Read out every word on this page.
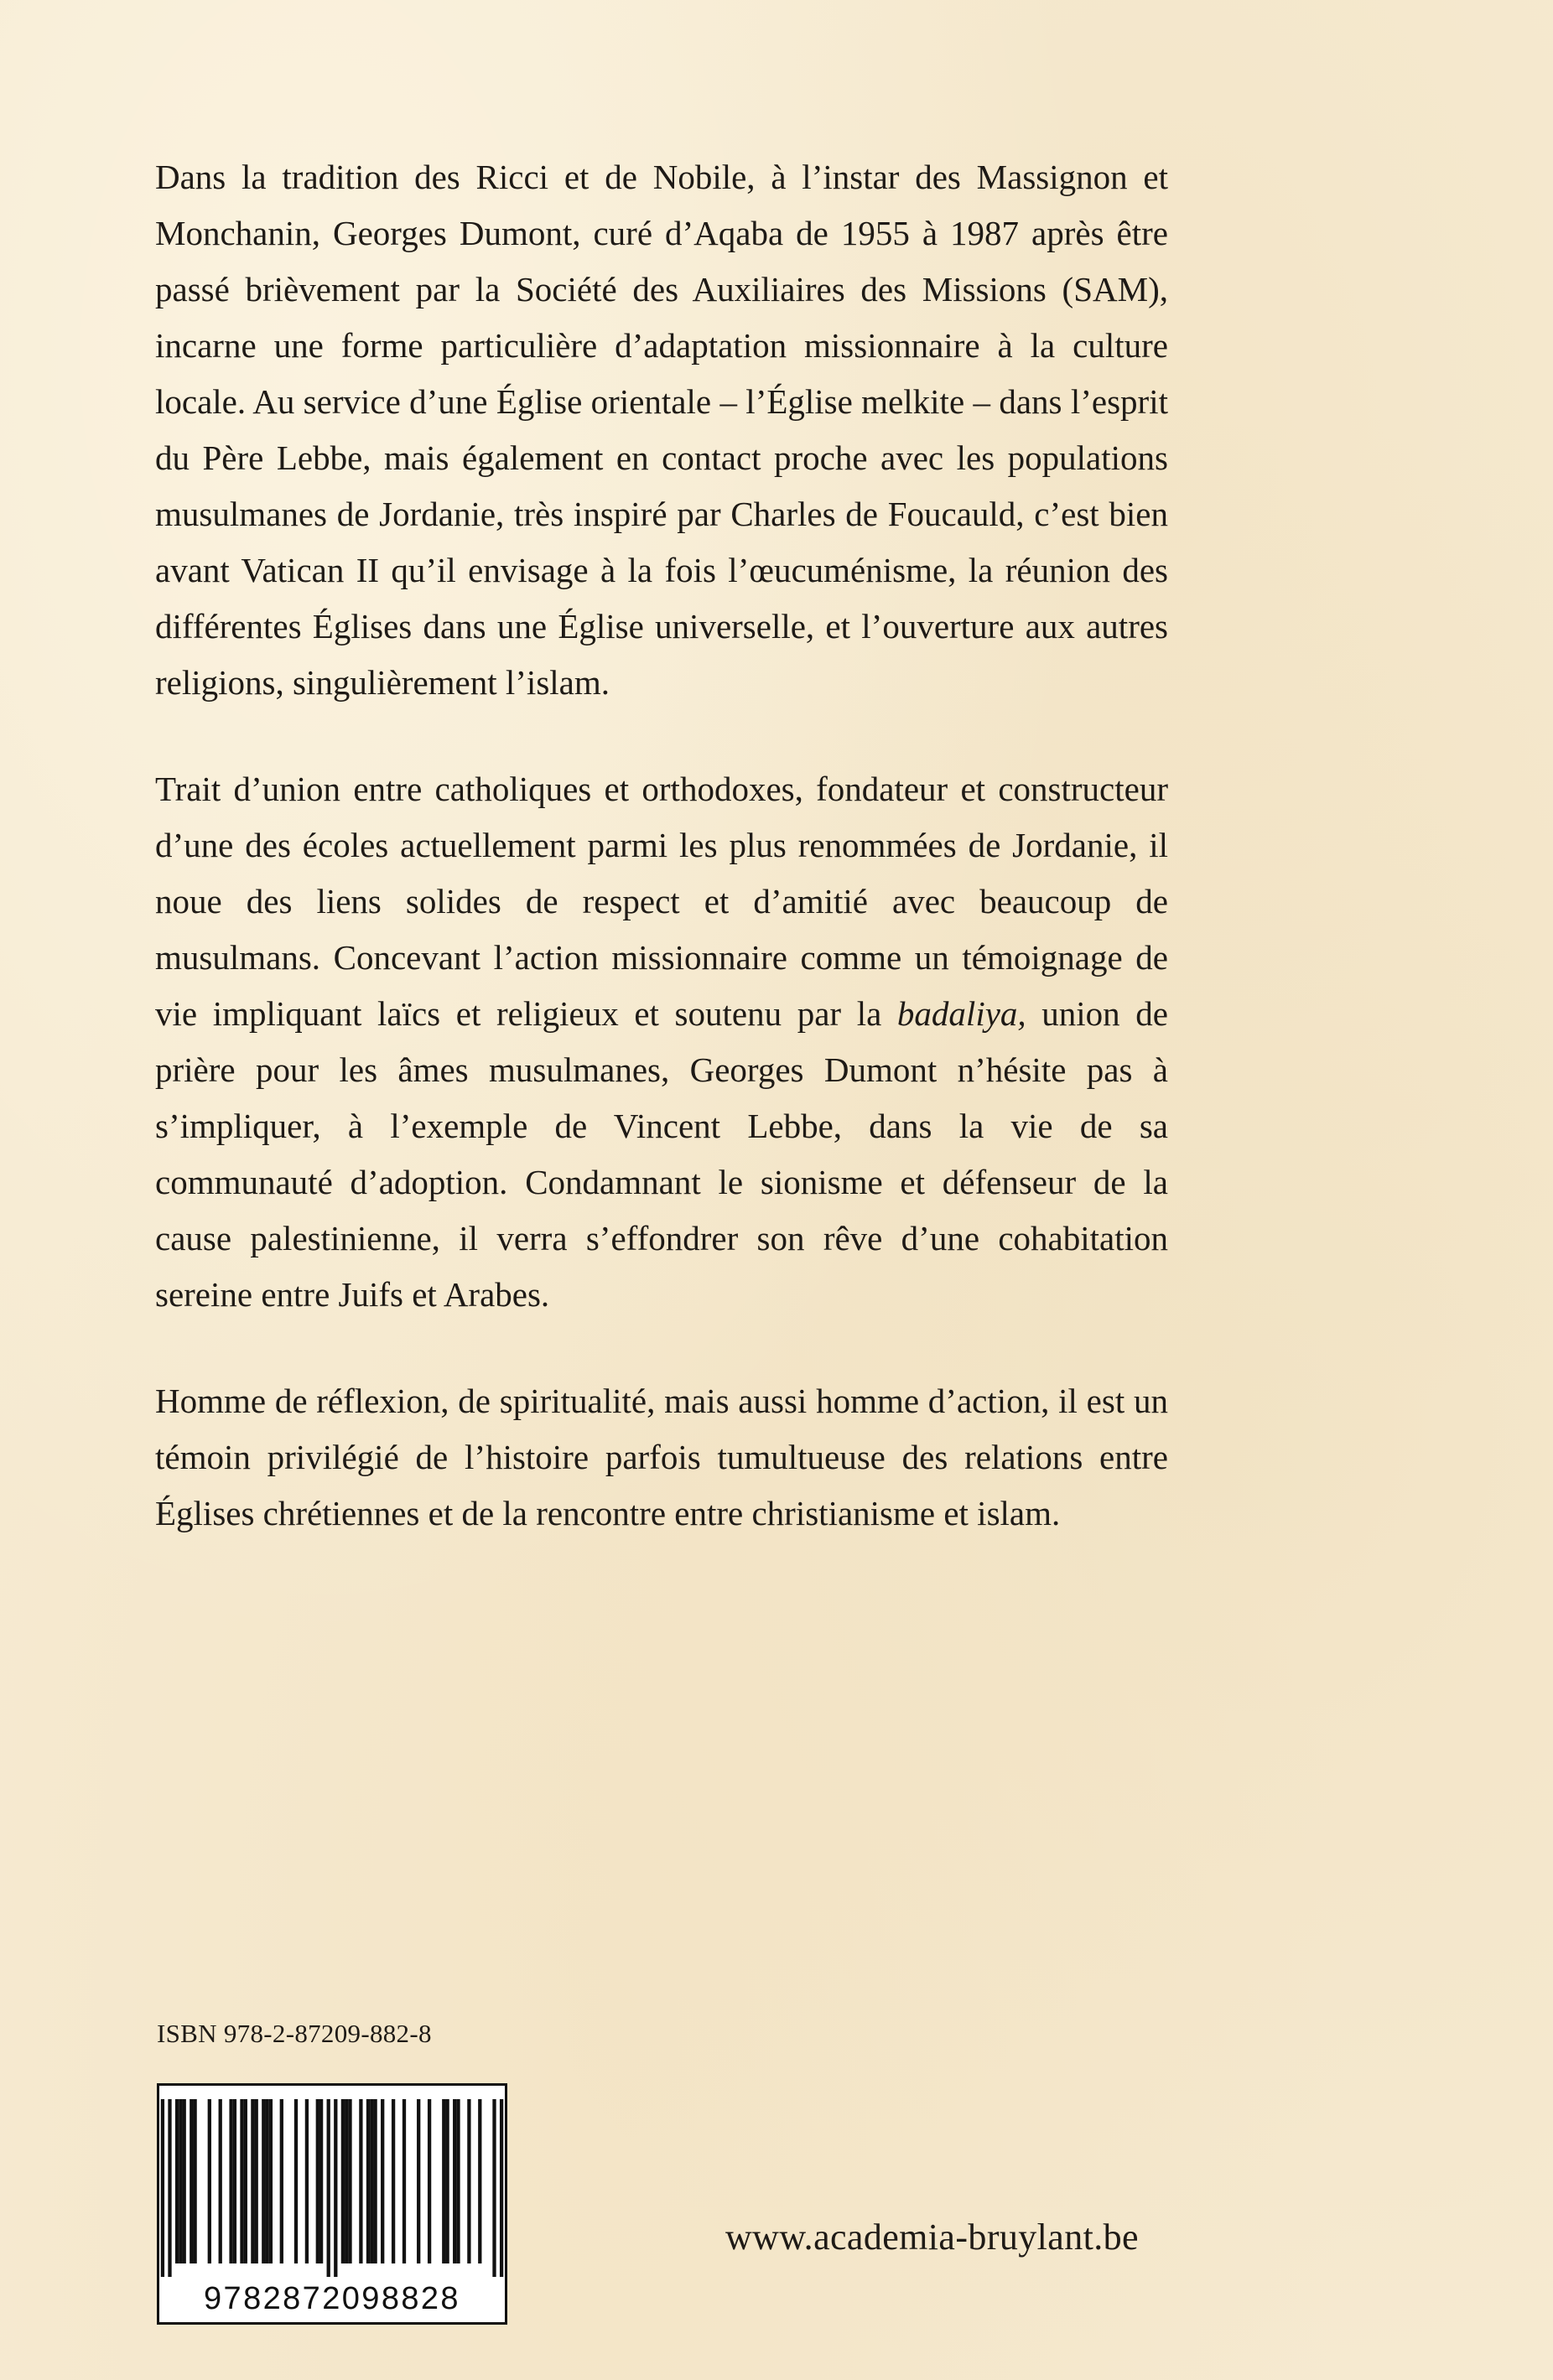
Dans la tradition des Ricci et de Nobile, à l’instar des Massignon et Monchanin, Georges Dumont, curé d’Aqaba de 1955 à 1987 après être passé brièvement par la Société des Auxiliaires des Missions (SAM), incarne une forme particulière d’adaptation missionnaire à la culture locale. Au service d’une Église orientale – l’Église melkite – dans l’esprit du Père Lebbe, mais également en contact proche avec les populations musulmanes de Jordanie, très inspiré par Charles de Foucauld, c’est bien avant Vatican II qu’il envisage à la fois l’œucuménisme, la réunion des différentes Églises dans une Église universelle, et l’ouverture aux autres religions, singulièrement l’islam.

Trait d’union entre catholiques et orthodoxes, fondateur et constructeur d’une des écoles actuellement parmi les plus renommées de Jordanie, il noue des liens solides de respect et d’amitié avec beaucoup de musulmans. Concevant l’action missionnaire comme un témoignage de vie impliquant laïcs et religieux et soutenu par la badaliya, union de prière pour les âmes musulmanes, Georges Dumont n’hésite pas à s’impliquer, à l’exemple de Vincent Lebbe, dans la vie de sa communauté d’adoption. Condamnant le sionisme et défenseur de la cause palestinienne, il verra s’effondrer son rêve d’une cohabitation sereine entre Juifs et Arabes.

Homme de réflexion, de spiritualité, mais aussi homme d’action, il est un témoin privilégié de l’histoire parfois tumultueuse des relations entre Églises chrétiennes et de la rencontre entre christianisme et islam.

ISBN 978-2-87209-882-8
9782872098828
www.academia-bruylant.be
